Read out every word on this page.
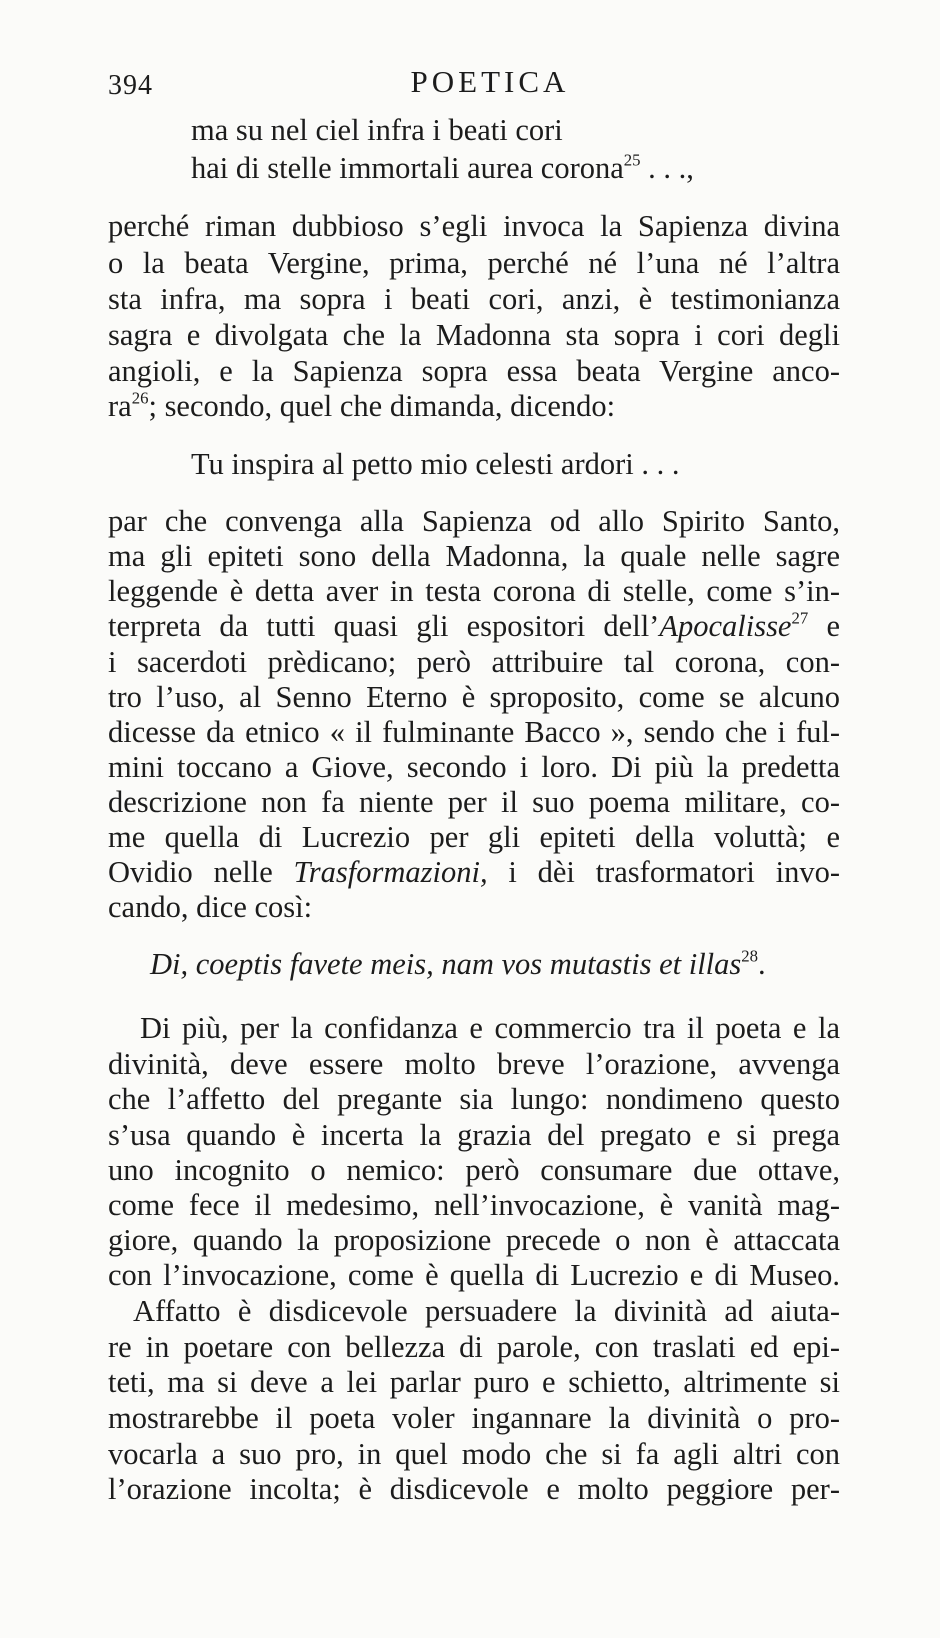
394	POETICA
ma su nel ciel infra i beati cori
hai di stelle immortali aurea corona$^{25}$ . . .,
perché riman dubbioso s’egli invoca la Sapienza divina
o la beata Vergine, prima, perché né l’una né l’altra
sta infra, ma sopra i beati cori, anzi, è testimonianza
sagra e divolgata che la Madonna sta sopra i cori degli
angioli, e la Sapienza sopra essa beata Vergine anco‑
$ra^{26}$; secondo, quel che dimanda, dicendo:
Tu inspira al petto mio celesti ardori . . .
par che convenga alla Sapienza od allo Spirito Santo,
ma gli epiteti sono della Madonna, la quale nelle sagre
leggende è detta aver in testa corona di stelle, come s’in‑
terpreta da tutti quasi gli espositori dell’Apocalisse$^{27}$ e
i sacerdoti prèdicano; però attribuire tal corona, con‑
tro l’uso, al Senno Eterno è sproposito, come se alcuno
dicesse da etnico « il fulminante Bacco », sendo che i ful‑
mini toccano a Giove, secondo i loro. Di più la predetta
descrizione non fa niente per il suo poema militare, co‑
me quella di Lucrezio per gli epiteti della voluttà; e
Ovidio nelle Trasformazioni, i dèi trasformatori invo‑
cando, dice così:
Di, coeptis favete meis, nam vos mutastis et illas$^{28}$.
Di più, per la confidanza e commercio tra il poeta e la
divinità, deve essere molto breve l’orazione, avvenga
che l’affetto del pregante sia lungo: nondimeno questo
s’usa quando è incerta la grazia del pregato e si prega
uno incognito o nemico: però consumare due ottave,
come fece il medesimo, nell’invocazione, è vanità mag‑
giore, quando la proposizione precede o non è attaccata
con l’invocazione, come è quella di Lucrezio e di Museo.
Affatto è disdicevole persuadere la divinità ad aiuta‑
re in poetare con bellezza di parole, con traslati ed epi‑
teti, ma si deve a lei parlar puro e schietto, altrimente si
mostrarebbe il poeta voler ingannare la divinità o pro‑
vocarla a suo pro, in quel modo che si fa agli altri con
l’orazione incolta; è disdicevole e molto peggiore per‑
